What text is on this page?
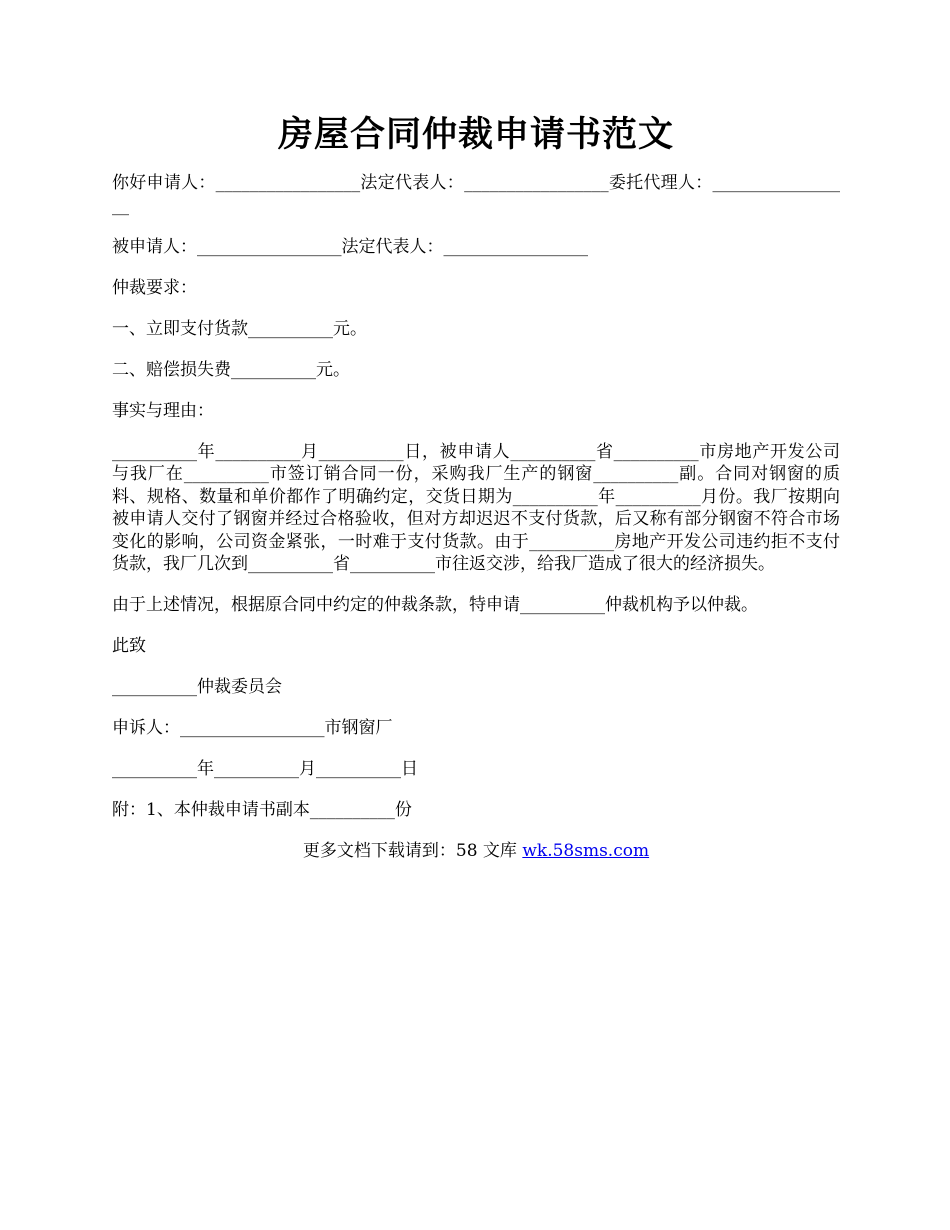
房屋合同仲裁申请书范文
你好申请人：_________________法定代表人：_________________委托代理人：_________________
被申请人：_________________法定代表人：_________________
仲裁要求：
一、立即支付货款__________元。
二、赔偿损失费__________元。
事实与理由：
__________年__________月__________日，被申请人__________省__________市房地产开发公司与我厂在__________市签订销合同一份，采购我厂生产的钢窗__________副。合同对钢窗的质料、规格、数量和单价都作了明确约定，交货日期为__________年__________月份。我厂按期向被申请人交付了钢窗并经过合格验收，但对方却迟迟不支付货款，后又称有部分钢窗不符合市场变化的影响，公司资金紧张，一时难于支付货款。由于__________房地产开发公司违约拒不支付货款，我厂几次到__________省__________市往返交涉，给我厂造成了很大的经济损失。
由于上述情况，根据原合同中约定的仲裁条款，特申请__________仲裁机构予以仲裁。
此致
__________仲裁委员会
申诉人：_________________市钢窗厂
__________年__________月__________日
附：1、本仲裁申请书副本__________份
更多文档下载请到：58 文库 wk.58sms.com
